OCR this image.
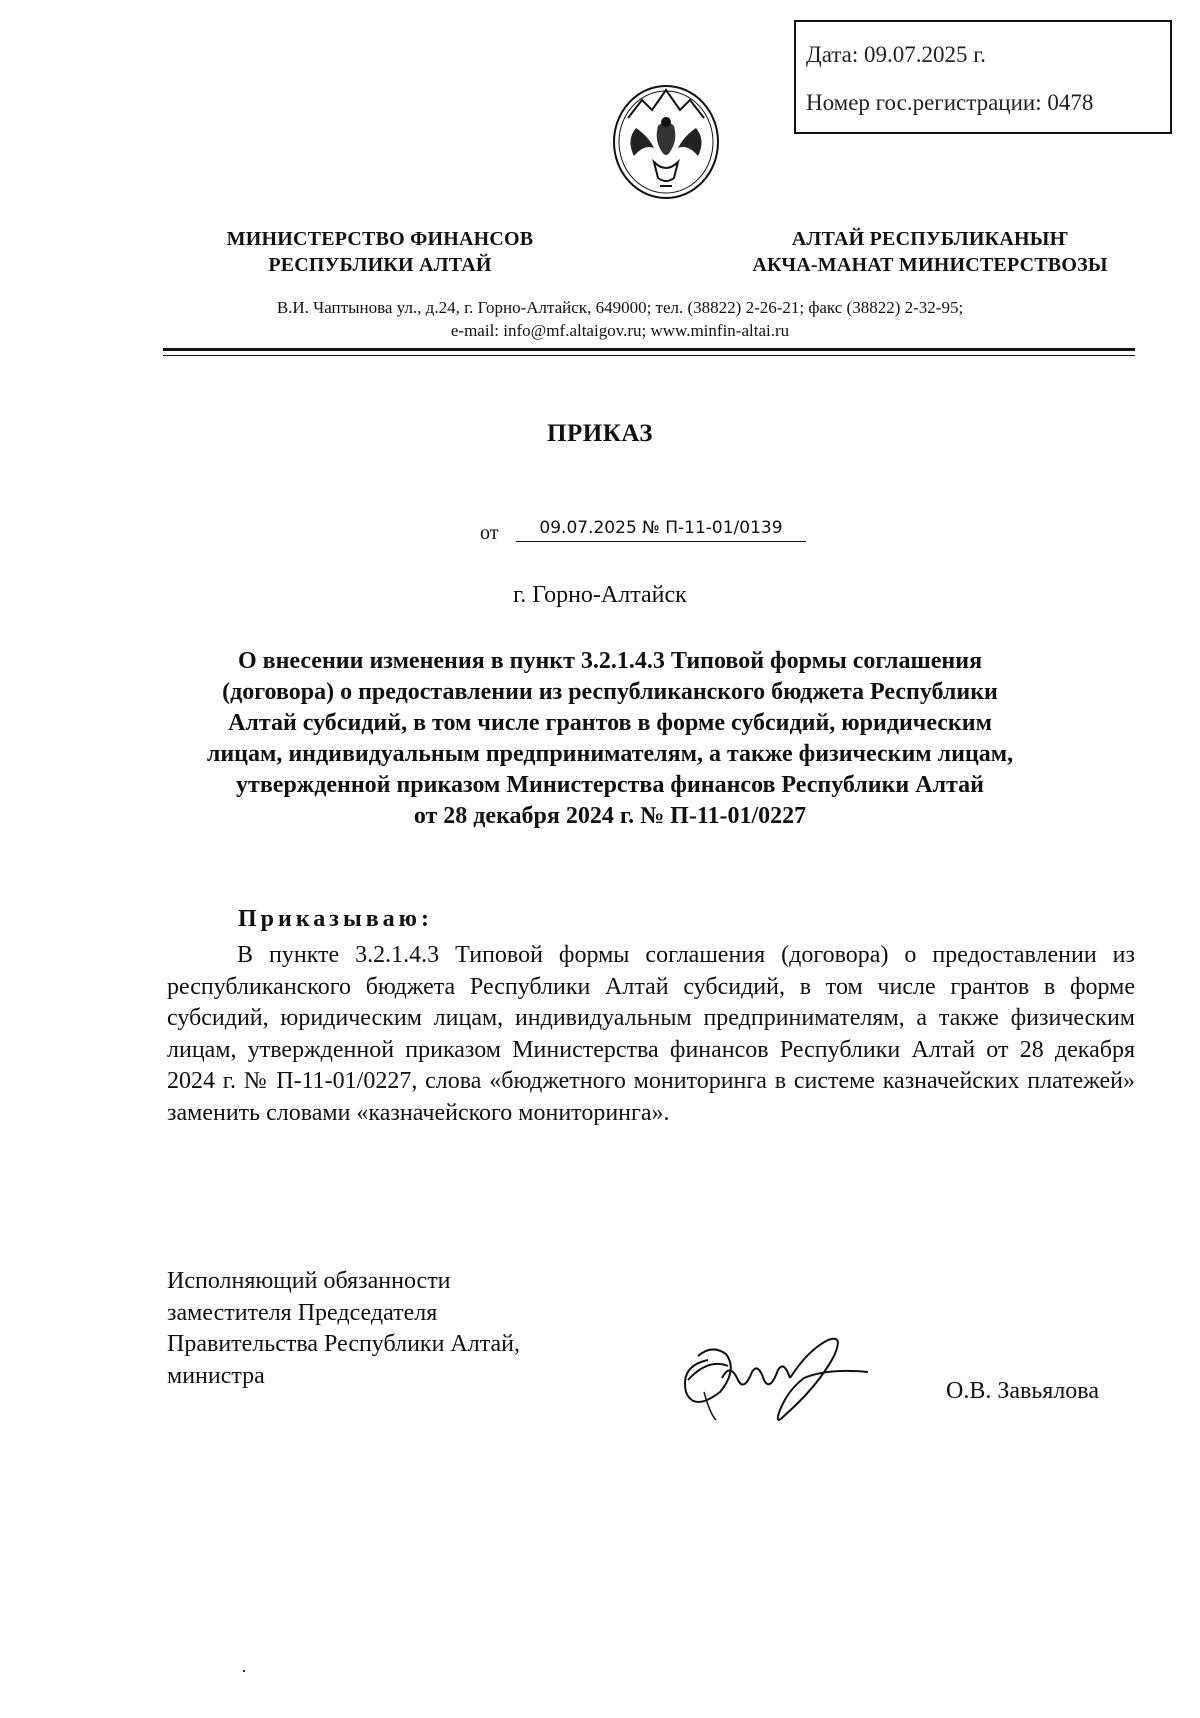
Дата: 09.07.2025 г.
Номер гос.регистрации: 0478
МИНИСТЕРСТВО ФИНАНСОВ
РЕСПУБЛИКИ АЛТАЙ
АЛТАЙ РЕСПУБЛИКАНЫҤ
АКЧА-МАНАТ МИНИСТЕРСТВОЗЫ
В.И. Чаптынова ул., д.24, г. Горно-Алтайск, 649000; тел. (38822) 2-26-21; факс (38822) 2-32-95;
e-mail: info@mf.altaigov.ru; www.minfin-altai.ru
ПРИКАЗ
от	09.07.2025 № П-11-01/0139
г. Горно-Алтайск
О внесении изменения в пункт 3.2.1.4.3 Типовой формы соглашения
(договора) о предоставлении из республиканского бюджета Республики
Алтай субсидий, в том числе грантов в форме субсидий, юридическим
лицам, индивидуальным предпринимателям, а также физическим лицам,
утвержденной приказом Министерства финансов Республики Алтай
от 28 декабря 2024 г. № П-11-01/0227
Приказываю:
В пункте 3.2.1.4.3 Типовой формы соглашения (договора) о предоставлении из республиканского бюджета Республики Алтай субсидий, в том числе грантов в форме субсидий, юридическим лицам, индивидуальным предпринимателям, а также физическим лицам, утвержденной приказом Министерства финансов Республики Алтай от 28 декабря 2024 г. № П-11-01/0227, слова «бюджетного мониторинга в системе казначейских платежей» заменить словами «казначейского мониторинга».
Исполняющий обязанности
заместителя Председателя
Правительства Республики Алтай,
министра
О.В. Завьялова
